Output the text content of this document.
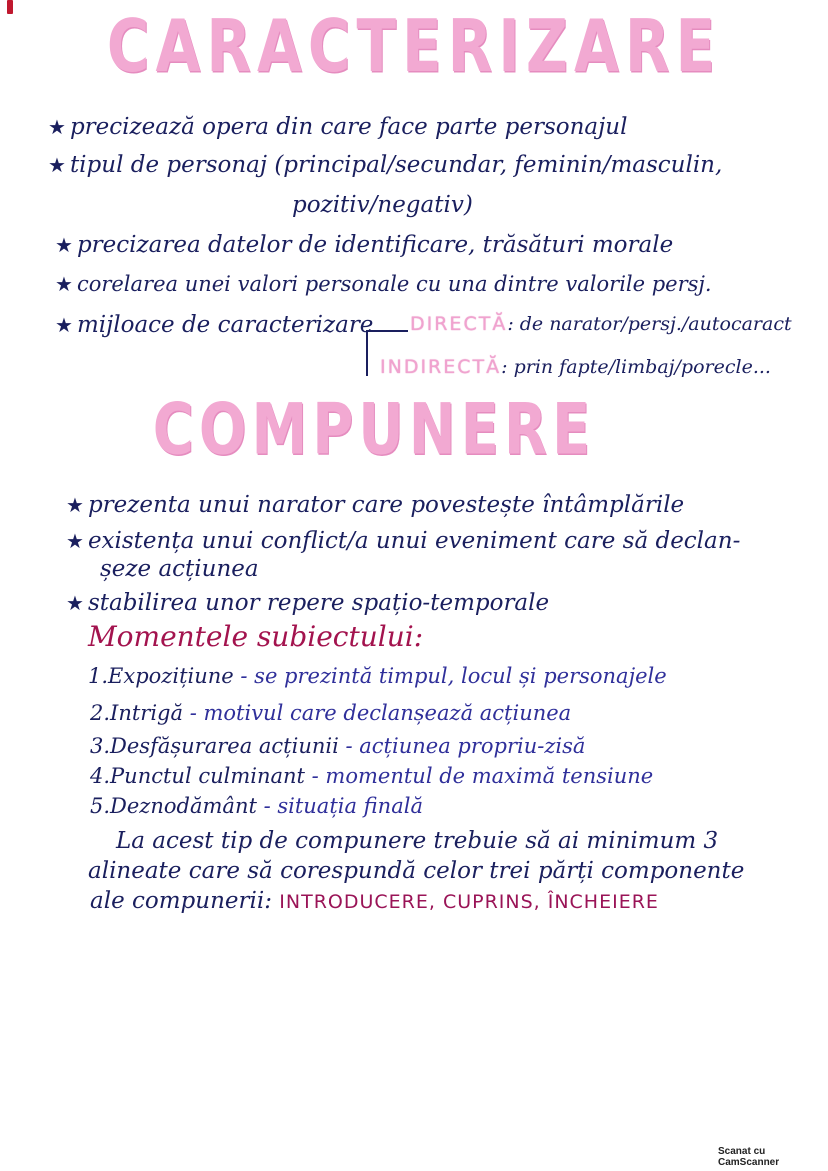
CARACTERIZARE
★ precizează opera din care face parte personajul
★ tipul de personaj (principal/secundar, feminin/masculin,
pozitiv/negativ)
★ precizarea datelor de identificare, trăsături morale
★ corelarea unei valori personale cu una dintre valorile persj.
★ mijloace de caracterizare DIRECTĂ: de narator/persj./autocaract
INDIRECTĂ: prin fapte/limbaj/porecle...
COMPUNERE
★ prezenta unui narator care povestește întâmplările
★ existența unui conflict/a unui eveniment care să declan-
șeze acțiunea
★ stabilirea unor repere spațio-temporale
Momentele subiectului:
1.Expozițiune - se prezintă timpul, locul și personajele
2.Intrigă - motivul care declanșează acțiunea
3.Desfășurarea acțiunii - acțiunea propriu-zisă
4.Punctul culminant - momentul de maximă tensiune
5.Deznodământ - situația finală
La acest tip de compunere trebuie să ai minimum 3
alineate care să corespundă celor trei părți componente
ale compunerii: INTRODUCERE, CUPRINS, ÎNCHEIERE
Scanat cu CamScanner
